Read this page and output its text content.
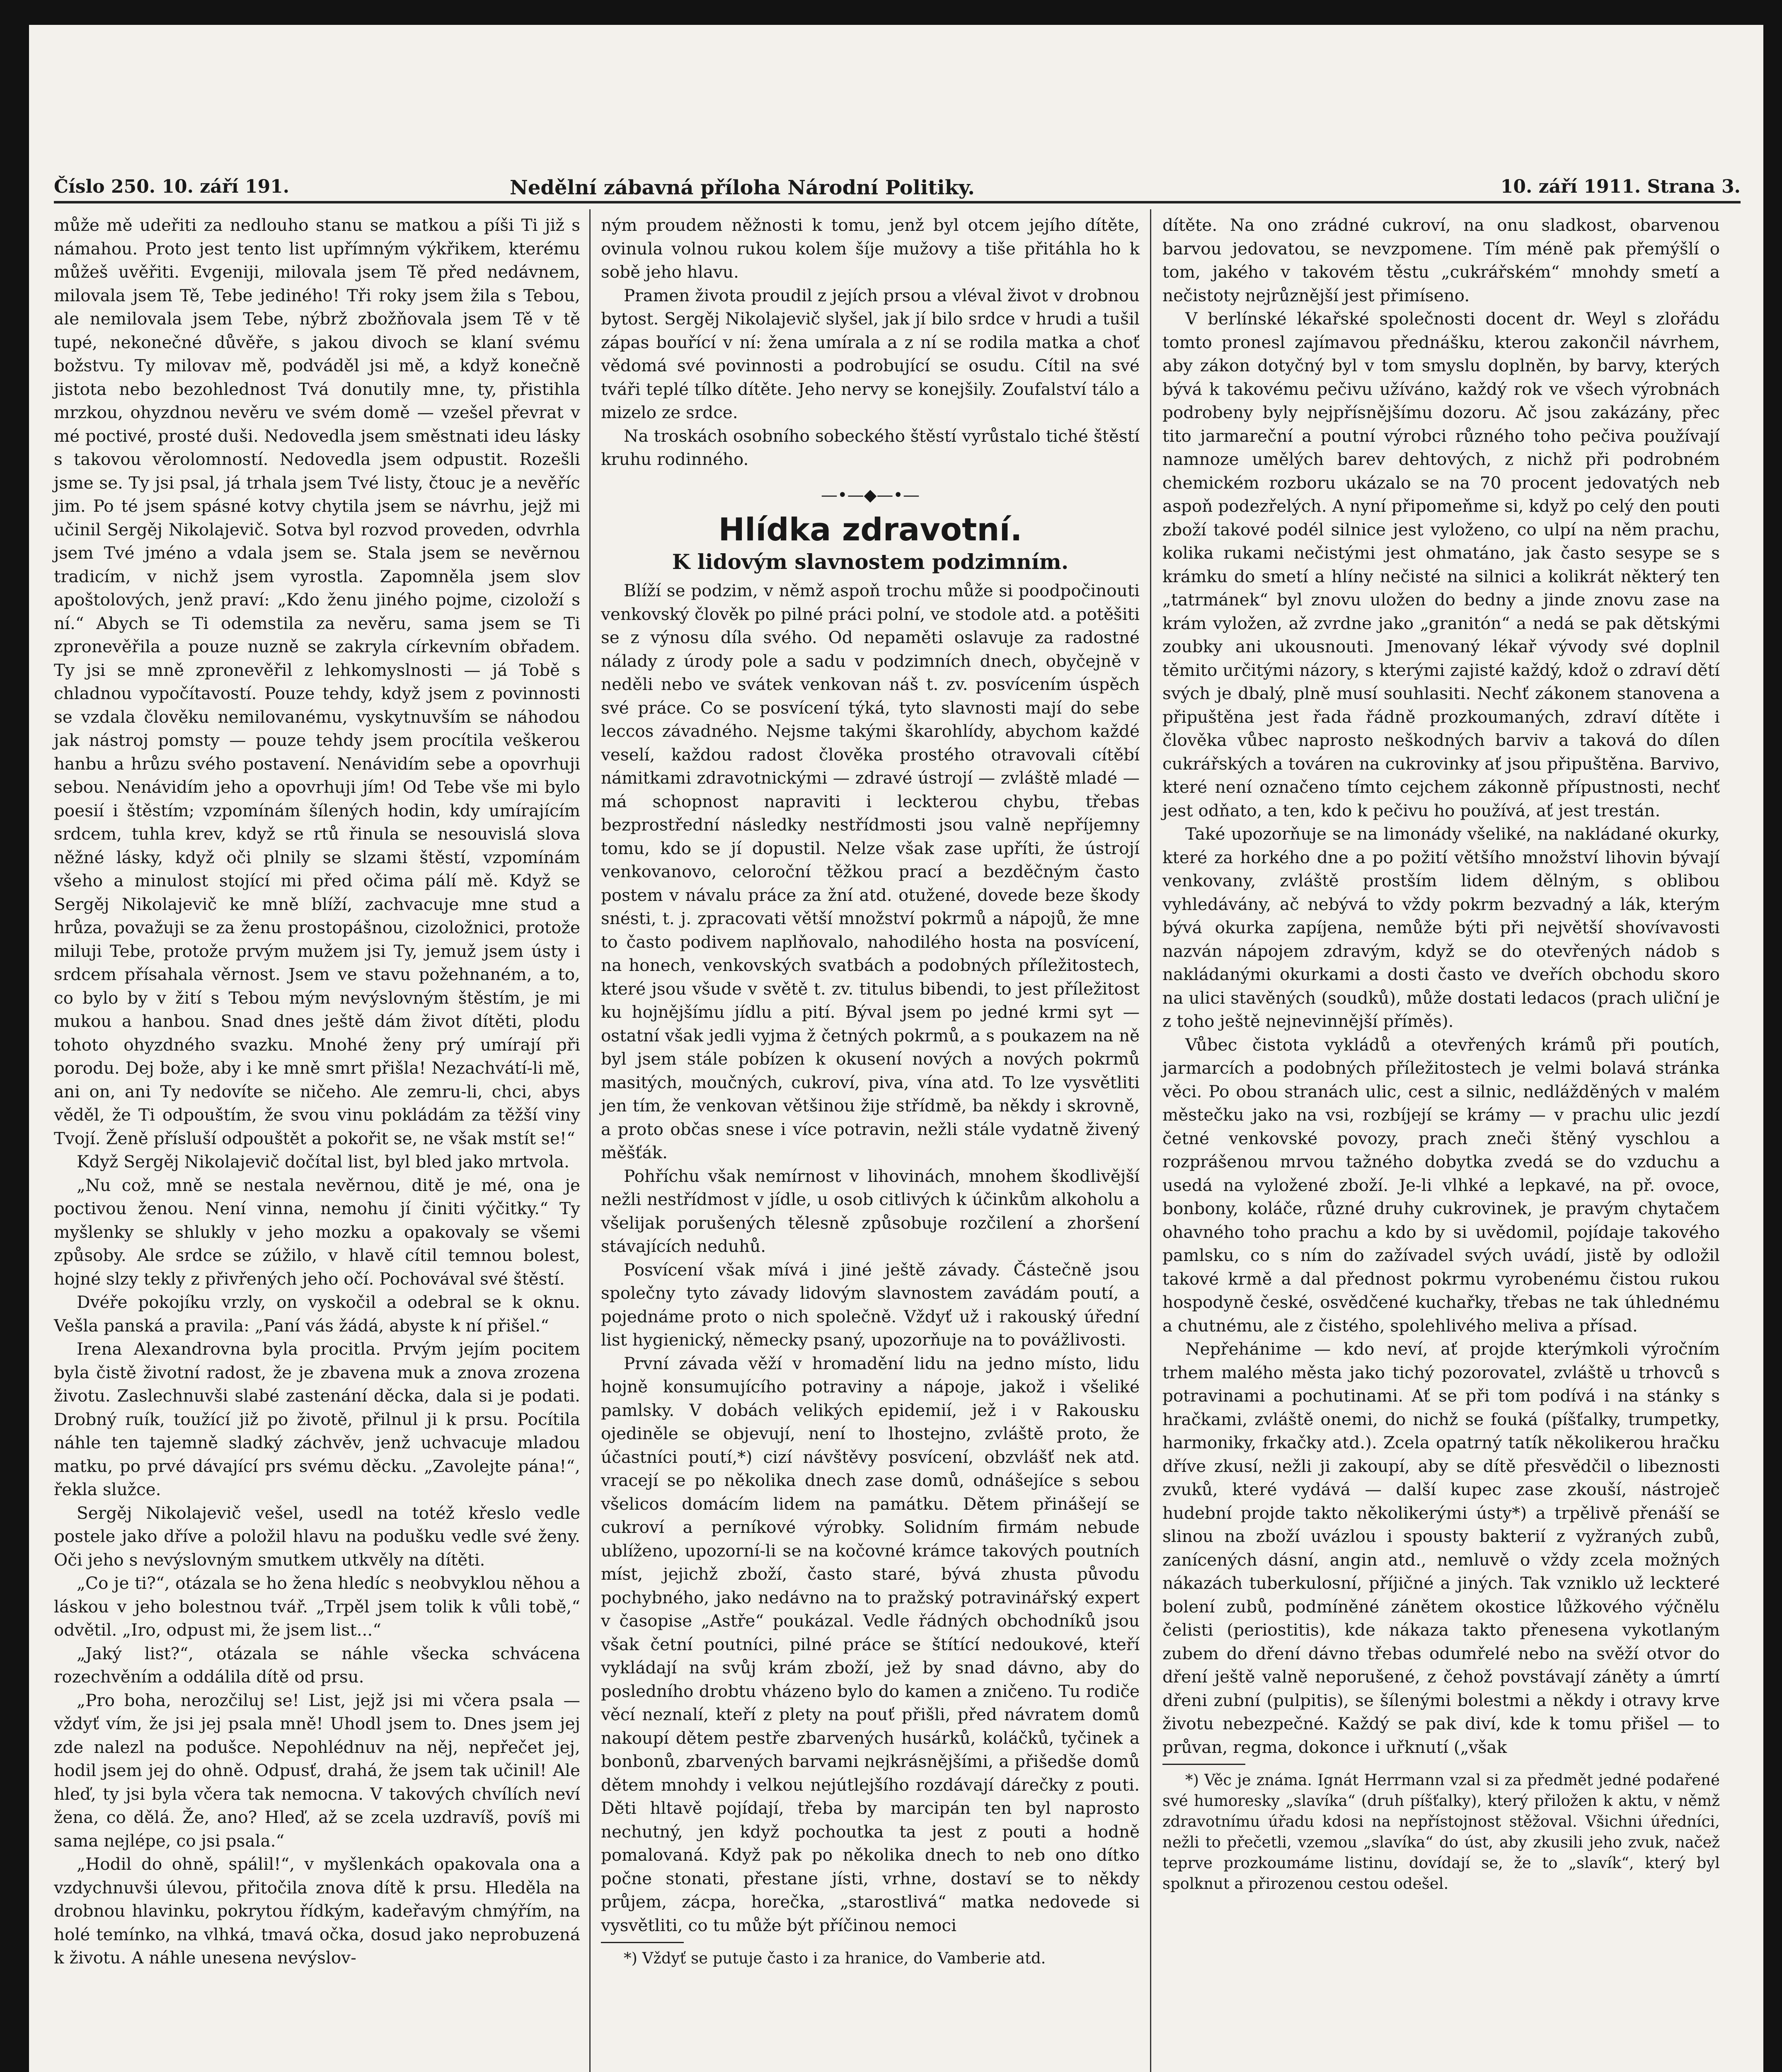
Číslo 250. 10. září 191.	Nedělní zábavná příloha Národní Politiky.	10. září 1911. Strana 3.

může mě udeřiti za nedlouho stanu se matkou a píši Ti již s námahou. Proto jest tento list upřímným výkřikem, kterému můžeš uvěřiti. Evgeniji, milovala jsem Tě před nedávnem, milovala jsem Tě, Tebe jediného! Tři roky jsem žila s Tebou, ale nemilovala jsem Tebe, nýbrž zbožňovala jsem Tě v tě tupé, nekonečné důvěře, s jakou divoch se klaní svému božstvu. Ty milovav mě, podváděl jsi mě, a když konečně jistota nebo bezohlednost Tvá donutily mne, ty, přistihla mrzkou, ohyzdnou nevěru ve svém domě — vzešel převrat v mé poctivé, prosté duši. Nedovedla jsem směstnati ideu lásky s takovou věrolomností. Nedovedla jsem odpustit. Rozešli jsme se. Ty jsi psal, já trhala jsem Tvé listy, čtouc je a nevěříc jim. Po té jsem spásné kotvy chytila jsem se návrhu, jejž mi učinil Sergěj Nikolajevič. Sotva byl rozvod proveden, odvrhla jsem Tvé jméno a vdala jsem se. Stala jsem se nevěrnou tradicím, v nichž jsem vyrostla. Zapomněla jsem slov apoštolových, jenž praví: „Kdo ženu jiného pojme, cizoloží s ní.“ Abych se Ti odemstila za nevěru, sama jsem se Ti zpronevěřila a pouze nuzně se zakryla církevním obřadem. Ty jsi se mně zpronevěřil z lehkomyslnosti — já Tobě s chladnou vypočítavostí. Pouze tehdy, když jsem z povinnosti se vzdala člověku nemilovanému, vyskytnuvším se náhodou jak nástroj pomsty — pouze tehdy jsem procítila veškerou hanbu a hrůzu svého postavení. Nenávidím sebe a opovrhuji sebou. Nenávidím jeho a opovrhuji jím! Od Tebe vše mi bylo poesií i štěstím; vzpomínám šílených hodin, kdy umírajícím srdcem, tuhla krev, když se rtů řinula se nesouvislá slova něžné lásky, když oči plnily se slzami štěstí, vzpomínám všeho a minulost stojící mi před očima pálí mě. Když se Sergěj Nikolajevič ke mně blíží, zachvacuje mne stud a hrůza, považuji se za ženu prostopášnou, cizoložnici, protože miluji Tebe, protože prvým mužem jsi Ty, jemuž jsem ústy i srdcem přísahala věrnost. Jsem ve stavu požehnaném, a to, co bylo by v žití s Tebou mým nevýslovným štěstím, je mi mukou a hanbou. Snad dnes ještě dám život dítěti, plodu tohoto ohyzdného svazku. Mnohé ženy prý umírají při porodu. Dej bože, aby i ke mně smrt přišla! Nezachvátí-li mě, ani on, ani Ty nedovíte se ničeho. Ale zemru-li, chci, abys věděl, že Ti odpouštím, že svou vinu pokládám za těžší viny Tvojí. Ženě přísluší odpouštět a pokořit se, ne však mstít se!“

Když Sergěj Nikolajevič dočítal list, byl bled jako mrtvola.

„Nu což, mně se nestala nevěrnou, ditě je mé, ona je poctivou ženou. Není vinna, nemohu jí činiti výčitky.“ Ty myšlenky se shlukly v jeho mozku a opakovaly se všemi způsoby. Ale srdce se zúžilo, v hlavě cítil temnou bolest, hojné slzy tekly z přivřených jeho očí. Pochovával své štěstí.

Dvéře pokojíku vrzly, on vyskočil a odebral se k oknu. Vešla panská a pravila: „Paní vás žádá, abyste k ní přišel.“

Irena Alexandrovna byla procitla. Prvým jejím pocitem byla čistě životní radost, že je zbavena muk a znova zrozena životu. Zaslechnuvši slabé zastenání děcka, dala si je podati. Drobný ruík, toužící již po životě, přilnul ji k prsu. Pocítila náhle ten tajemně sladký záchvěv, jenž uchvacuje mladou matku, po prvé dávající prs svému děcku. „Zavolejte pána!“, řekla služce.

Sergěj Nikolajevič vešel, usedl na totéž křeslo vedle postele jako dříve a položil hlavu na podušku vedle své ženy. Oči jeho s nevýslovným smutkem utkvěly na dítěti.

„Co je ti?“, otázala se ho žena hledíc s neobvyklou něhou a láskou v jeho bolestnou tvář. „Trpěl jsem tolik k vůli tobě,“ odvětil. „Iro, odpust mi, že jsem list...“

„Jaký list?“, otázala se náhle všecka schvácena rozechvěním a oddálila dítě od prsu.

„Pro boha, nerozčiluj se! List, jejž jsi mi včera psala — vždyť vím, že jsi jej psala mně! Uhodl jsem to. Dnes jsem jej zde nalezl na podušce. Nepohlédnuv na něj, nepřečet jej, hodil jsem jej do ohně. Odpusť, drahá, že jsem tak učinil! Ale hleď, ty jsi byla včera tak nemocna. V takových chvílích neví žena, co dělá. Že, ano? Hleď, až se zcela uzdravíš, povíš mi sama nejlépe, co jsi psala.“

„Hodil do ohně, spálil!“, v myšlenkách opakovala ona a vzdychnuvši úlevou, přitočila znova dítě k prsu. Hleděla na drobnou hlavinku, pokrytou řídkým, kadeřavým chmýřím, na holé temínko, na vlhká, tmavá očka, dosud jako neprobuzená k životu. A náhle unesena nevýslov-

ným proudem něžnosti k tomu, jenž byl otcem jejího dítěte, ovinula volnou rukou kolem šíje mužovy a tiše přitáhla ho k sobě jeho hlavu.

Pramen života proudil z jejích prsou a vléval život v drobnou bytost. Sergěj Nikolajevič slyšel, jak jí bilo srdce v hrudi a tušil zápas bouřící v ní: žena umírala a z ní se rodila matka a choť vědomá své povinnosti a podrobující se osudu. Cítil na své tváři teplé tílko dítěte. Jeho nervy se konejšily. Zoufalství tálo a mizelo ze srdce.

Na troskách osobního sobeckého štěstí vyrůstalo tiché štěstí kruhu rodinného.

—•—◆—•—
Hlídka zdravotní.
K lidovým slavnostem podzimním.

Blíží se podzim, v němž aspoň trochu může si poodpočinouti venkovský člověk po pilné práci polní, ve stodole atd. a potěšiti se z výnosu díla svého. Od nepaměti oslavuje za radostné nálady z úrody pole a sadu v podzimních dnech, obyčejně v neděli nebo ve svátek venkovan náš t. zv. posvícením úspěch své práce. Co se posvícení týká, tyto slavnosti mají do sebe leccos závadného. Nejsme takými škarohlídy, abychom každé veselí, každou radost člověka prostého otravovali cítěbí námitkami zdravotnickými — zdravé ústrojí — zvláště mladé — má schopnost napraviti i leckterou chybu, třebas bezprostřední následky nestřídmosti jsou valně nepříjemny tomu, kdo se jí dopustil. Nelze však zase upříti, že ústrojí venkovanovo, celoroční těžkou prací a bezděčným často postem v návalu práce za žní atd. otužené, dovede beze škody snésti, t. j. zpracovati větší množství pokrmů a nápojů, že mne to často podivem naplňovalo, nahodilého hosta na posvícení, na honech, venkovských svatbách a podobných příležitostech, které jsou všude v světě t. zv. titulus bibendi, to jest příležitost ku hojnějšímu jídlu a pití. Býval jsem po jedné krmi syt — ostatní však jedli vyjma ž četných pokrmů, a s poukazem na ně byl jsem stále pobízen k okusení nových a nových pokrmů masitých, moučných, cukroví, piva, vína atd. To lze vysvětliti jen tím, že venkovan většinou žije střídmě, ba někdy i skrovně, a proto občas snese i více potravin, nežli stále vydatně živený měšťák.

Pohříchu však nemírnost v lihovinách, mnohem škodlivější nežli nestřídmost v jídle, u osob citlivých k účinkům alkoholu a všelijak porušených tělesně způsobuje rozčilení a zhoršení stávajících neduhů.

Posvícení však mívá i jiné ještě závady. Částečně jsou společny tyto závady lidovým slavnostem zavádám poutí, a pojednáme proto o nich společně. Vždyť už i rakouský úřední list hygienický, německy psaný, upozorňuje na to povážlivosti.

První závada věží v hromadění lidu na jedno místo, lidu hojně konsumujícího potraviny a nápoje, jakož i všeliké pamlsky. V dobách velikých epidemií, jež i v Rakousku ojediněle se objevují, není to lhostejno, zvláště proto, že účastníci poutí,*) cizí návštěvy posvícení, obzvlášť nek atd. vracejí se po několika dnech zase domů, odnášejíce s sebou všelicos domácím lidem na památku. Dětem přinášejí se cukroví a perníkové výrobky. Solidním firmám nebude ublíženo, upozorní-li se na kočovné krámce takových poutních míst, jejichž zboží, často staré, bývá zhusta původu pochybného, jako nedávno na to pražský potravinářský expert v časopise „Astře“ poukázal. Vedle řádných obchodníků jsou však četní poutníci, pilné práce se štítící nedoukové, kteří vykládají na svůj krám zboží, jež by snad dávno, aby do posledního drobtu vházeno bylo do kamen a zničeno. Tu rodiče věcí neznalí, kteří z plety na pouť přišli, před návratem domů nakoupí dětem pestře zbarvených husárků, koláčků, tyčinek a bonbonů, zbarvených barvami nejkrásnějšími, a přišedše domů dětem mnohdy i velkou nejútlejšího rozdávají dárečky z pouti. Děti hltavě pojídají, třeba by marcipán ten byl naprosto nechutný, jen když pochoutka ta jest z pouti a hodně pomalovaná. Když pak po několika dnech to neb ono dítko počne stonati, přestane jísti, vrhne, dostaví se to někdy průjem, zácpa, horečka, „starostlivá“ matka nedovede si vysvětliti, co tu může být příčinou nemoci

*) Vždyť se putuje často i za hranice, do Vamberie atd.

dítěte. Na ono zrádné cukroví, na onu sladkost, obarvenou barvou jedovatou, se nevzpomene. Tím méně pak přemýšlí o tom, jakého v takovém těstu „cukrářském“ mnohdy smetí a nečistoty nejrůznější jest přimíseno.

V berlínské lékařské společnosti docent dr. Weyl s zlořádu tomto pronesl zajímavou přednášku, kterou zakončil návrhem, aby zákon dotyčný byl v tom smyslu doplněn, by barvy, kterých bývá k takovému pečivu užíváno, každý rok ve všech výrobnách podrobeny byly nejpřísnějšímu dozoru. Ač jsou zakázány, přec tito jarmareční a poutní výrobci různého toho pečiva používají namnoze umělých barev dehtových, z nichž při podrobném chemickém rozboru ukázalo se na 70 procent jedovatých neb aspoň podezřelých. A nyní připomeňme si, když po celý den pouti zboží takové podél silnice jest vyloženo, co ulpí na něm prachu, kolika rukami nečistými jest ohmatáno, jak často sesype se s krámku do smetí a hlíny nečisté na silnici a kolikrát některý ten „tatrmánek“ byl znovu uložen do bedny a jinde znovu zase na krám vyložen, až zvrdne jako „granitón“ a nedá se pak dětskými zoubky ani ukousnouti. Jmenovaný lékař vývody své doplnil těmito určitými názory, s kterými zajisté každý, kdož o zdraví dětí svých je dbalý, plně musí souhlasiti. Nechť zákonem stanovena a připuštěna jest řada řádně prozkoumaných, zdraví dítěte i člověka vůbec naprosto neškodných barviv a taková do dílen cukrářských a továren na cukrovinky ať jsou připuštěna. Barvivo, které není označeno tímto cejchem zákonně přípustnosti, nechť jest odňato, a ten, kdo k pečivu ho používá, ať jest trestán.

Také upozorňuje se na limonády všeliké, na nakládané okurky, které za horkého dne a po požití většího množství lihovin bývají venkovany, zvláště prostším lidem dělným, s oblibou vyhledávány, ač nebývá to vždy pokrm bezvadný a lák, kterým bývá okurka zapíjena, nemůže býti při největší shovívavosti nazván nápojem zdravým, když se do otevřených nádob s nakládanými okurkami a dosti často ve dveřích obchodu skoro na ulici stavěných (soudků), může dostati ledacos (prach uliční je z toho ještě nejnevinnější příměs).

Vůbec čistota vykládů a otevřených krámů při poutích, jarmarcích a podobných příležitostech je velmi bolavá stránka věci. Po obou stranách ulic, cest a silnic, nedlážděných v malém městečku jako na vsi, rozbíjejí se krámy — v prachu ulic jezdí četné venkovské povozy, prach zneči štěný vyschlou a rozprášenou mrvou tažného dobytka zvedá se do vzduchu a usedá na vyložené zboží. Je-li vlhké a lepkavé, na př. ovoce, bonbony, koláče, různé druhy cukrovinek, je pravým chytačem ohavného toho prachu a kdo by si uvědomil, pojídaje takového pamlsku, co s ním do zažívadel svých uvádí, jistě by odložil takové krmě a dal přednost pokrmu vyrobenému čistou rukou hospodyně české, osvědčené kuchařky, třebas ne tak úhlednému a chutnému, ale z čistého, spolehlivého meliva a přísad.

Nepřehánime — kdo neví, ať projde kterýmkoli výročním trhem malého města jako tichý pozorovatel, zvláště u trhovců s potravinami a pochutinami. Ať se při tom podívá i na stánky s hračkami, zvláště onemi, do nichž se fouká (píšťalky, trumpetky, harmoniky, frkačky atd.). Zcela opatrný tatík několikerou hračku dříve zkusí, nežli ji zakoupí, aby se dítě přesvědčil o libeznosti zvuků, které vydává — další kupec zase zkouší, nástroječ hudební projde takto několikerými ústy*) a trpělivě přenáší se slinou na zboží uvázlou i spousty bakterií z vyžraných zubů, zanícených dásní, angin atd., nemluvě o vždy zcela možných nákazách tuberkulosní, příjičné a jiných. Tak vzniklo už leckteré bolení zubů, podmíněné zánětem okostice lůžkového výčnělu čelisti (periostitis), kde nákaza takto přenesena vykotlaným zubem do dření dávno třebas odumřelé nebo na svěží otvor do dření ještě valně neporušené, z čehož povstávají záněty a úmrtí dřeni zubní (pulpitis), se šílenými bolestmi a někdy i otravy krve životu nebezpečné. Každý se pak diví, kde k tomu přišel — to průvan, regma, dokonce i uřknutí („však

*) Věc je známa. Ignát Herrmann vzal si za předmět jedné podařené své humoresky „slavíka“ (druh píšťalky), který přiložen k aktu, v němž zdravotnímu úřadu kdosi na nepřístojnost stěžoval. Všichni úředníci, nežli to přečetli, vzemou „slavíka“ do úst, aby zkusili jeho zvuk, načež teprve prozkoumáme listinu, dovídají se, že to „slavík“, který byl spolknut a přirozenou cestou odešel.
